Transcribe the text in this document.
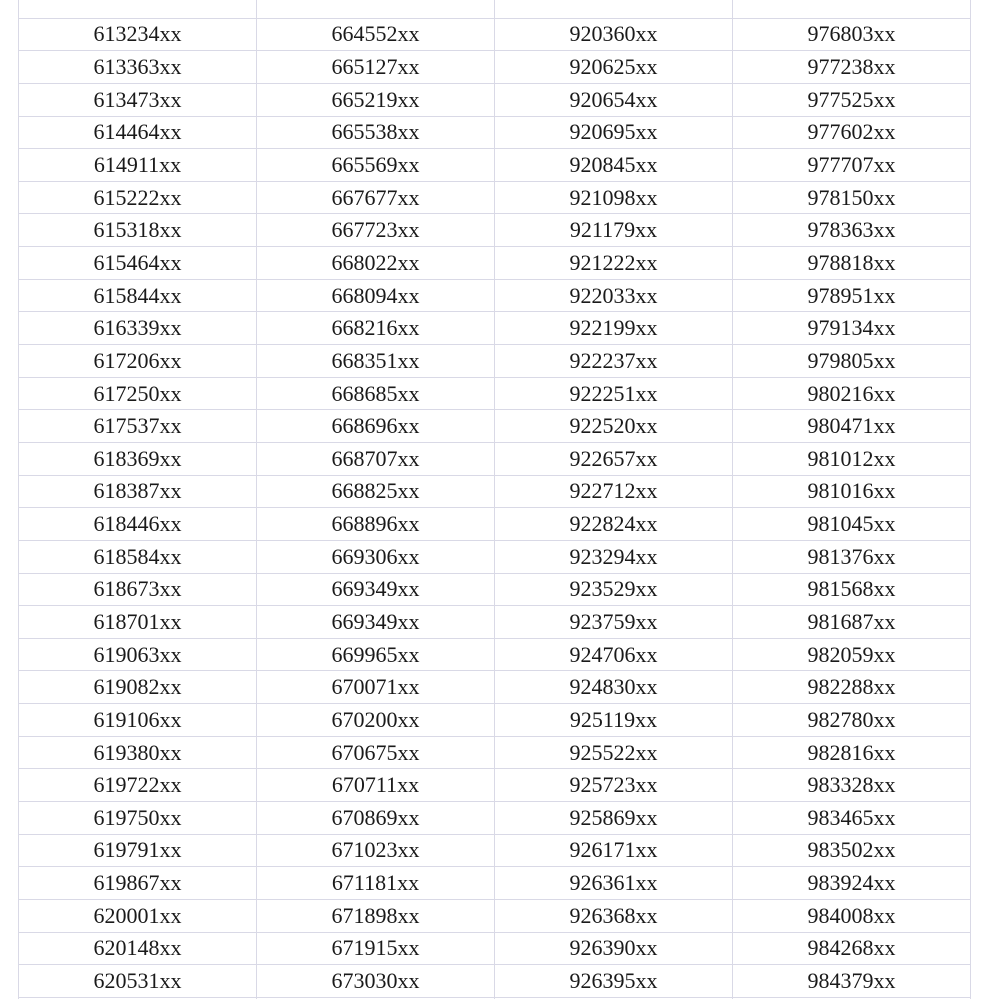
613234xx	664552xx	920360xx	976803xx
613363xx	665127xx	920625xx	977238xx
613473xx	665219xx	920654xx	977525xx
614464xx	665538xx	920695xx	977602xx
614911xx	665569xx	920845xx	977707xx
615222xx	667677xx	921098xx	978150xx
615318xx	667723xx	921179xx	978363xx
615464xx	668022xx	921222xx	978818xx
615844xx	668094xx	922033xx	978951xx
616339xx	668216xx	922199xx	979134xx
617206xx	668351xx	922237xx	979805xx
617250xx	668685xx	922251xx	980216xx
617537xx	668696xx	922520xx	980471xx
618369xx	668707xx	922657xx	981012xx
618387xx	668825xx	922712xx	981016xx
618446xx	668896xx	922824xx	981045xx
618584xx	669306xx	923294xx	981376xx
618673xx	669349xx	923529xx	981568xx
618701xx	669349xx	923759xx	981687xx
619063xx	669965xx	924706xx	982059xx
619082xx	670071xx	924830xx	982288xx
619106xx	670200xx	925119xx	982780xx
619380xx	670675xx	925522xx	982816xx
619722xx	670711xx	925723xx	983328xx
619750xx	670869xx	925869xx	983465xx
619791xx	671023xx	926171xx	983502xx
619867xx	671181xx	926361xx	983924xx
620001xx	671898xx	926368xx	984008xx
620148xx	671915xx	926390xx	984268xx
620531xx	673030xx	926395xx	984379xx
